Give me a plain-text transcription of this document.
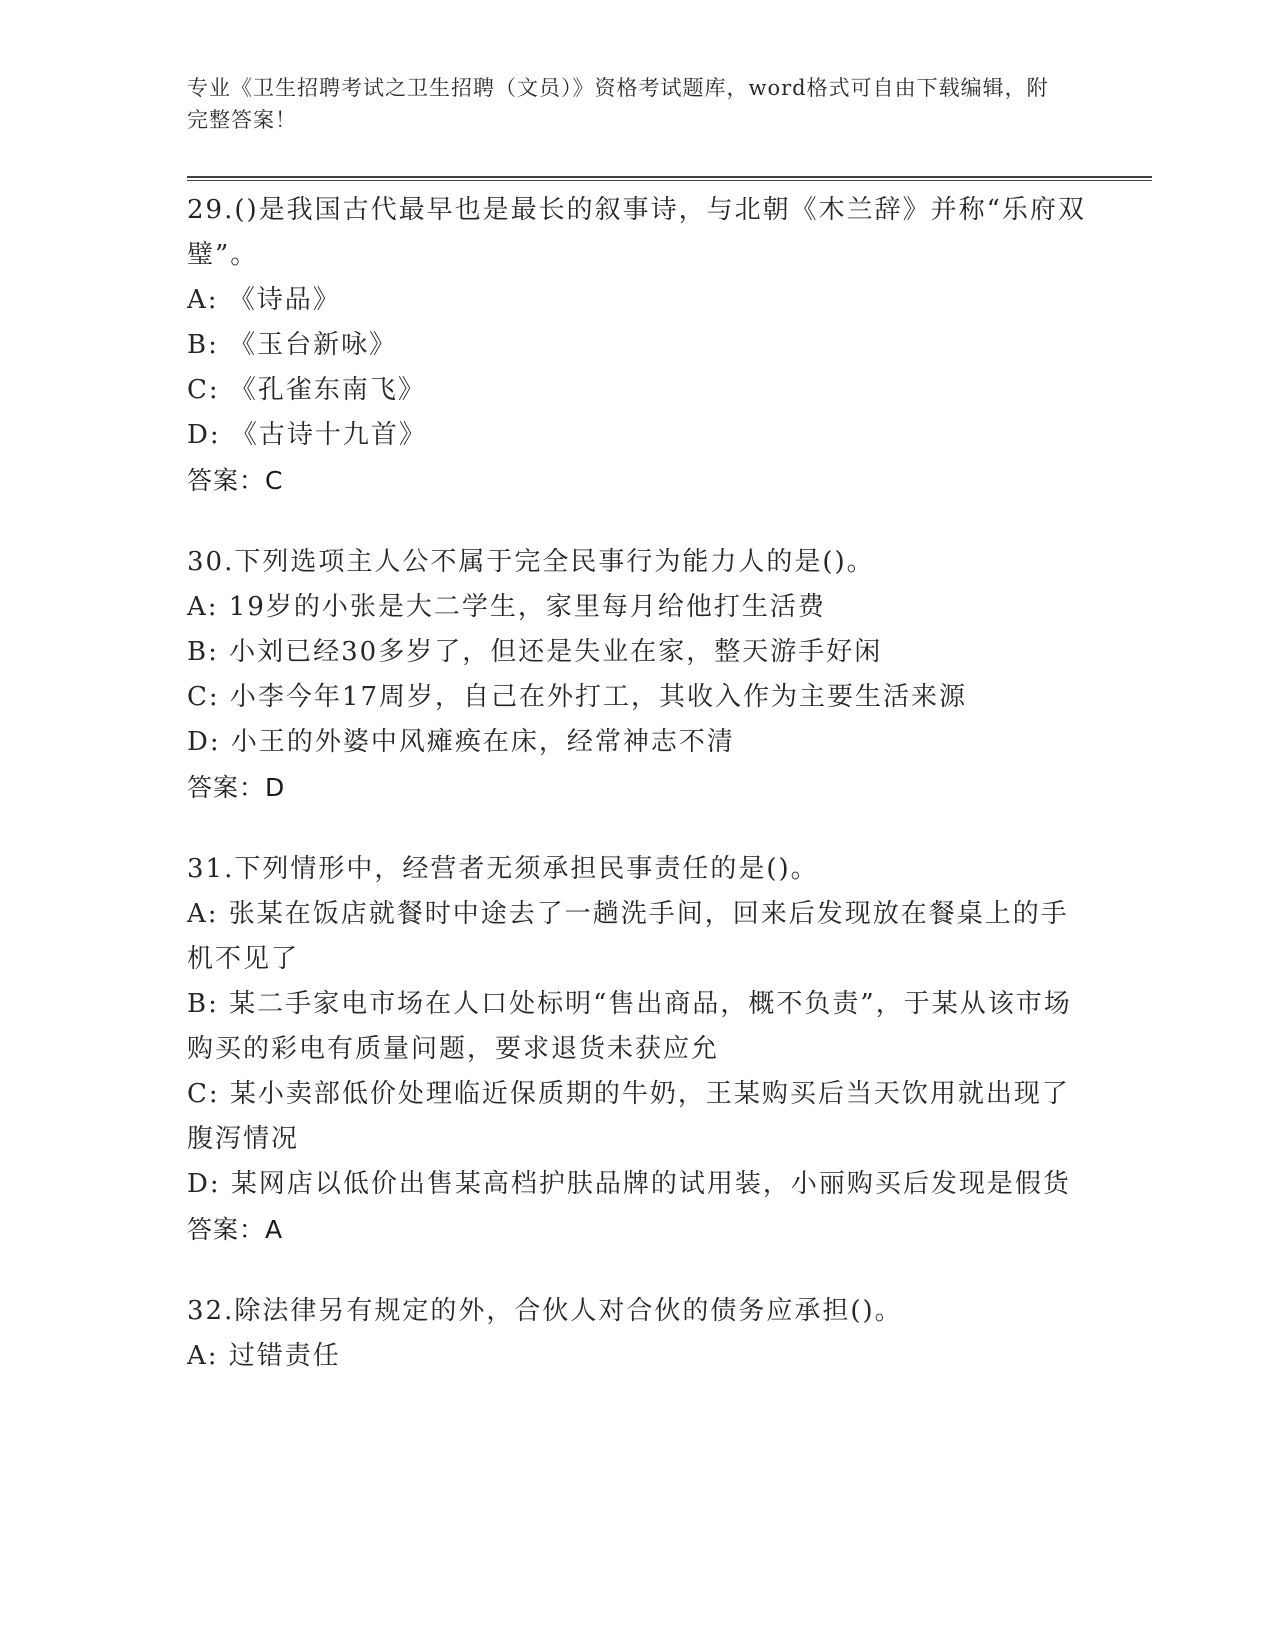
专业《卫生招聘考试之卫生招聘（文员）》资格考试题库，word格式可自由下载编辑，附完整答案！
29.()是我国古代最早也是最长的叙事诗，与北朝《木兰辞》并称“乐府双璧”。
A: 《诗品》
B: 《玉台新咏》
C: 《孔雀东南飞》
D: 《古诗十九首》
答案：C
30.下列选项主人公不属于完全民事行为能力人的是()。
A: 19岁的小张是大二学生，家里每月给他打生活费
B: 小刘已经30多岁了，但还是失业在家，整天游手好闲
C: 小李今年17周岁，自己在外打工，其收入作为主要生活来源
D: 小王的外婆中风瘫痪在床，经常神志不清
答案：D
31.下列情形中，经营者无须承担民事责任的是()。
A: 张某在饭店就餐时中途去了一趟洗手间，回来后发现放在餐桌上的手机不见了
B: 某二手家电市场在人口处标明“售出商品，概不负责”，于某从该市场购买的彩电有质量问题，要求退货未获应允
C: 某小卖部低价处理临近保质期的牛奶，王某购买后当天饮用就出现了腹泻情况
D: 某网店以低价出售某高档护肤品牌的试用装，小丽购买后发现是假货
答案：A
32.除法律另有规定的外，合伙人对合伙的债务应承担()。
A: 过错责任
